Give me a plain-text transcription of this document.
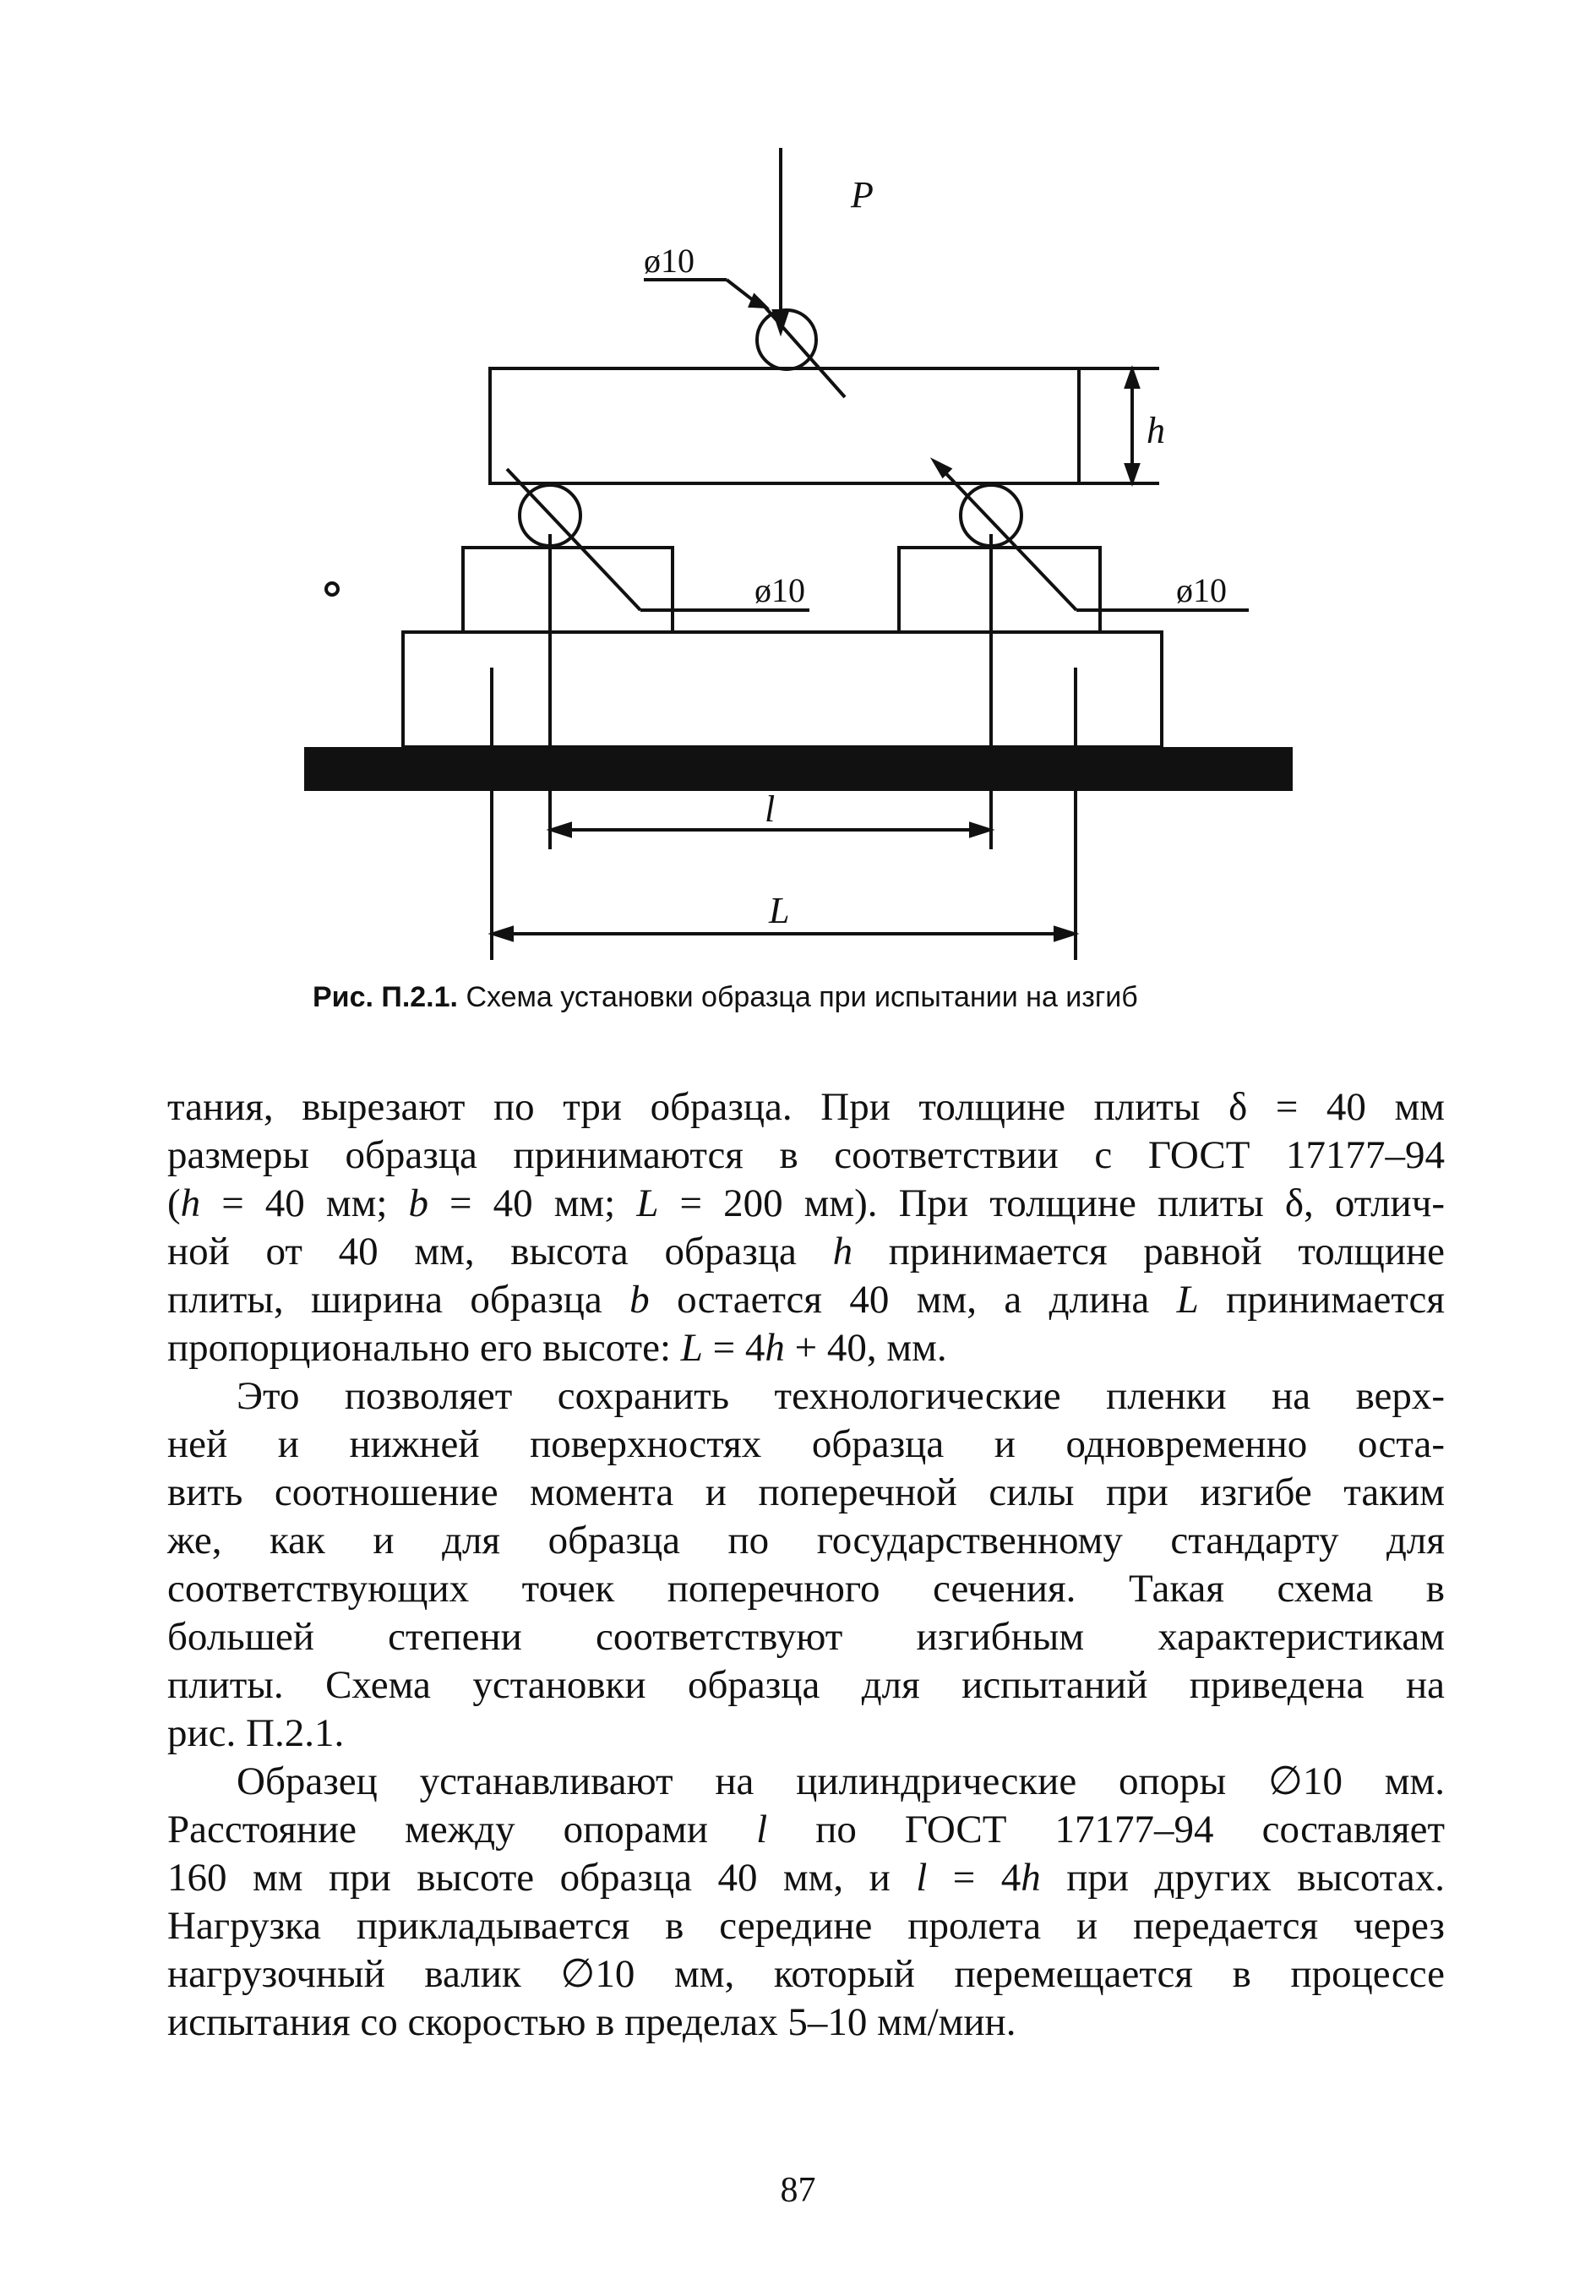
P
ø10
h
ø10	ø10
l
L
Рис. П.2.1. Схема установки образца при испытании на изгиб

тания, вырезают по три образца. При толщине плиты δ = 40 мм
размеры образца принимаются в соответствии с ГОСТ 17177–94
(h = 40 мм; b = 40 мм; L = 200 мм). При толщине плиты δ, отлич-
ной от 40 мм, высота образца h принимается равной толщине
плиты, ширина образца b остается 40 мм, а длина L принимается
пропорционально его высоте: L = 4h + 40, мм.

Это позволяет сохранить технологические пленки на верх-
ней и нижней поверхностях образца и одновременно оста-
вить соотношение момента и поперечной силы при изгибе таким
же, как и для образца по государственному стандарту для
соответствующих точек поперечного сечения. Такая схема в
большей степени соответствуют изгибным характеристикам
плиты. Схема установки образца для испытаний приведена на
рис. П.2.1.

Образец устанавливают на цилиндрические опоры ∅10 мм.
Расстояние между опорами l по ГОСТ 17177–94 составляет
160 мм при высоте образца 40 мм, и l = 4h при других высотах.
Нагрузка прикладывается в середине пролета и передается через
нагрузочный валик ∅10 мм, который перемещается в процессе
испытания со скоростью в пределах 5–10 мм/мин.

87
